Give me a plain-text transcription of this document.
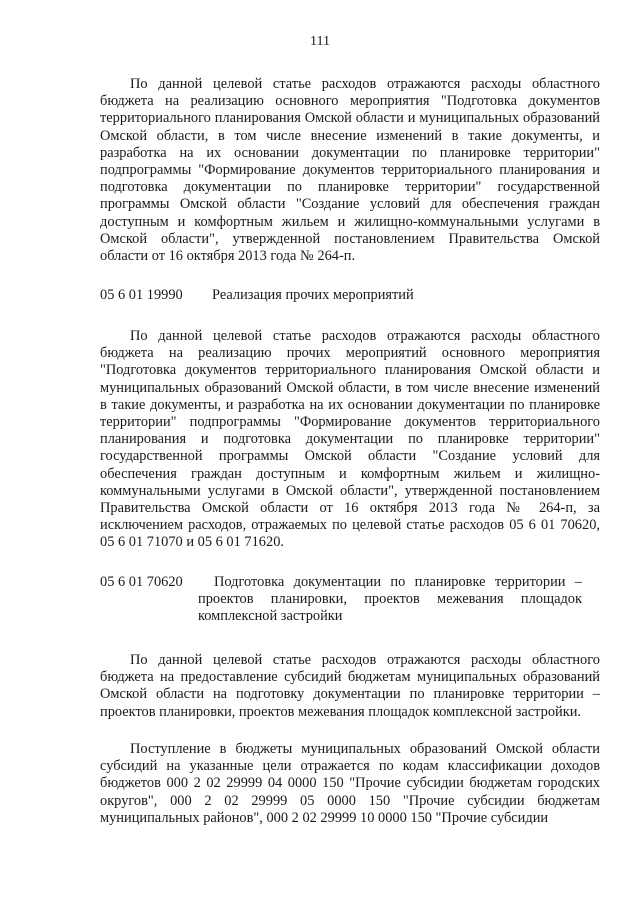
111

По данной целевой статье расходов отражаются расходы областного бюджета на реализацию основного мероприятия "Подготовка документов территориального планирования Омской области и муниципальных образований Омской области, в том числе внесение изменений в такие документы, и разработка на их основании документации по планировке территории" подпрограммы "Формирование документов территориального планирования и подготовка документации по планировке территории" государственной программы Омской области "Создание условий для обеспечения граждан доступным и комфортным жильем и жилищно-коммунальными услугами в Омской области", утвержденной постановлением Правительства Омской области от 16 октября 2013 года № 264-п.

05 6 01 19990 Реализация прочих мероприятий

По данной целевой статье расходов отражаются расходы областного бюджета на реализацию прочих мероприятий основного мероприятия "Подготовка документов территориального планирования Омской области и муниципальных образований Омской области, в том числе внесение изменений в такие документы, и разработка на их основании документации по планировке территории" подпрограммы "Формирование документов территориального планирования и подготовка документации по планировке территории" государственной программы Омской области "Создание условий для обеспечения граждан доступным и комфортным жильем и жилищно-коммунальными услугами в Омской области", утвержденной постановлением Правительства Омской области от 16 октября 2013 года № 264-п, за исключением расходов, отражаемых по целевой статье расходов 05 6 01 70620, 05 6 01 71070 и 05 6 01 71620.

05 6 01 70620	Подготовка документации по планировке территории – проектов планировки, проектов межевания площадок комплексной застройки

По данной целевой статье расходов отражаются расходы областного бюджета на предоставление субсидий бюджетам муниципальных образований Омской области на подготовку документации по планировке территории – проектов планировки, проектов межевания площадок комплексной застройки.

Поступление в бюджеты муниципальных образований Омской области субсидий на указанные цели отражается по кодам классификации доходов бюджетов 000 2 02 29999 04 0000 150 "Прочие субсидии бюджетам городских округов", 000 2 02 29999 05 0000 150 "Прочие субсидии бюджетам муниципальных районов", 000 2 02 29999 10 0000 150 "Прочие субсидии
